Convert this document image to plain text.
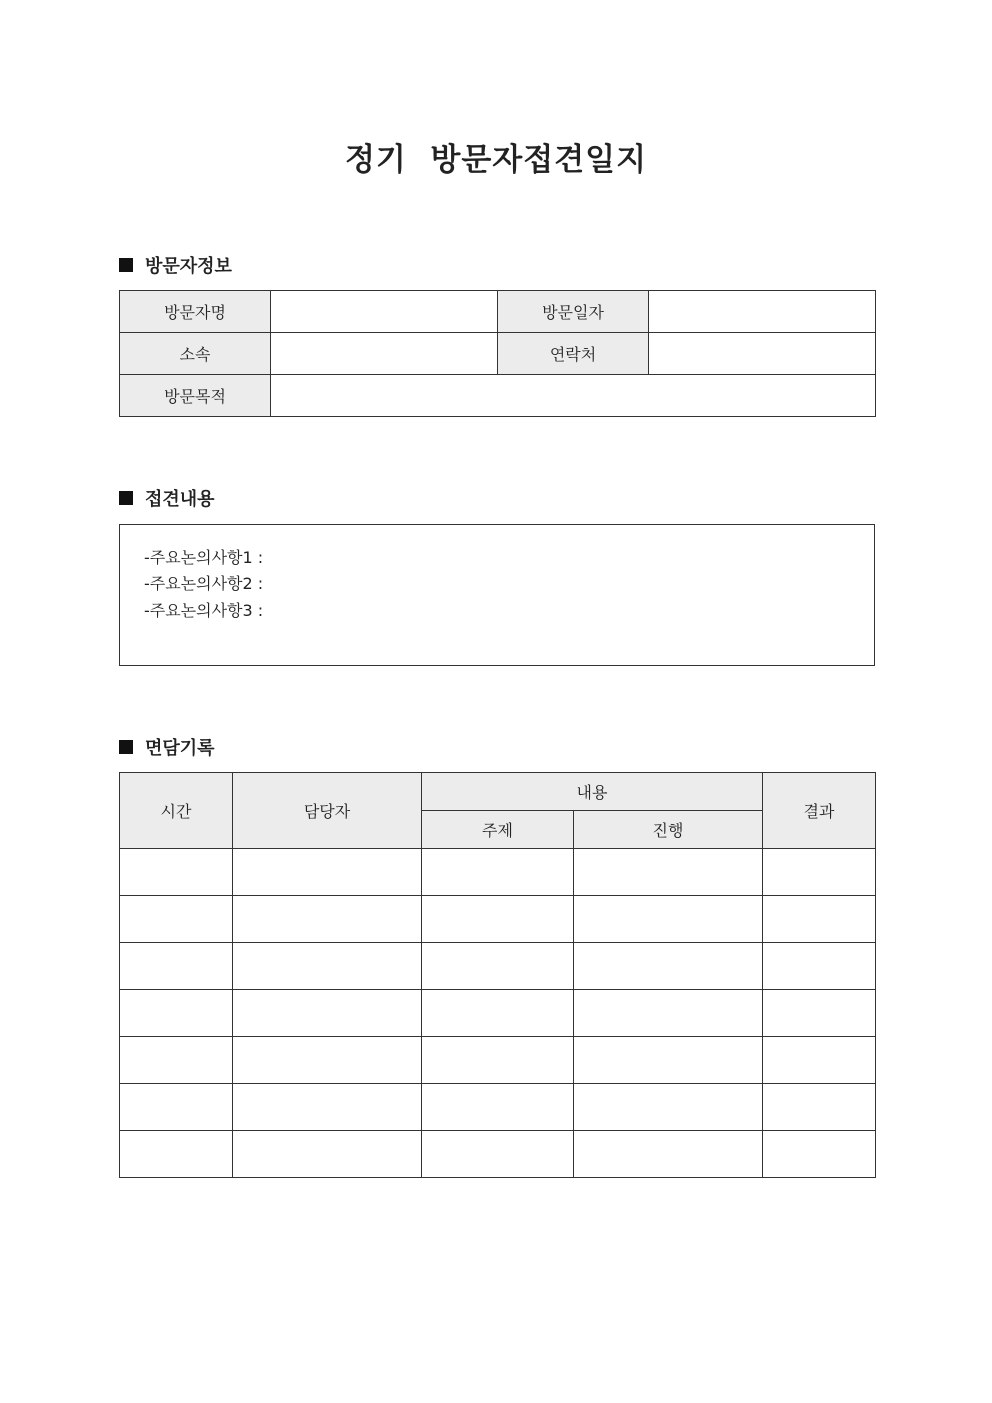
정기  방문자접견일지
방문자정보
방문자명		방문일자	
소속		연락처	
방문목적			
접견내용
-주요논의사항1 :
-주요논의사항2 :
-주요논의사항3 :
면담기록
시간	담당자	내용		결과
		주제	진행	
